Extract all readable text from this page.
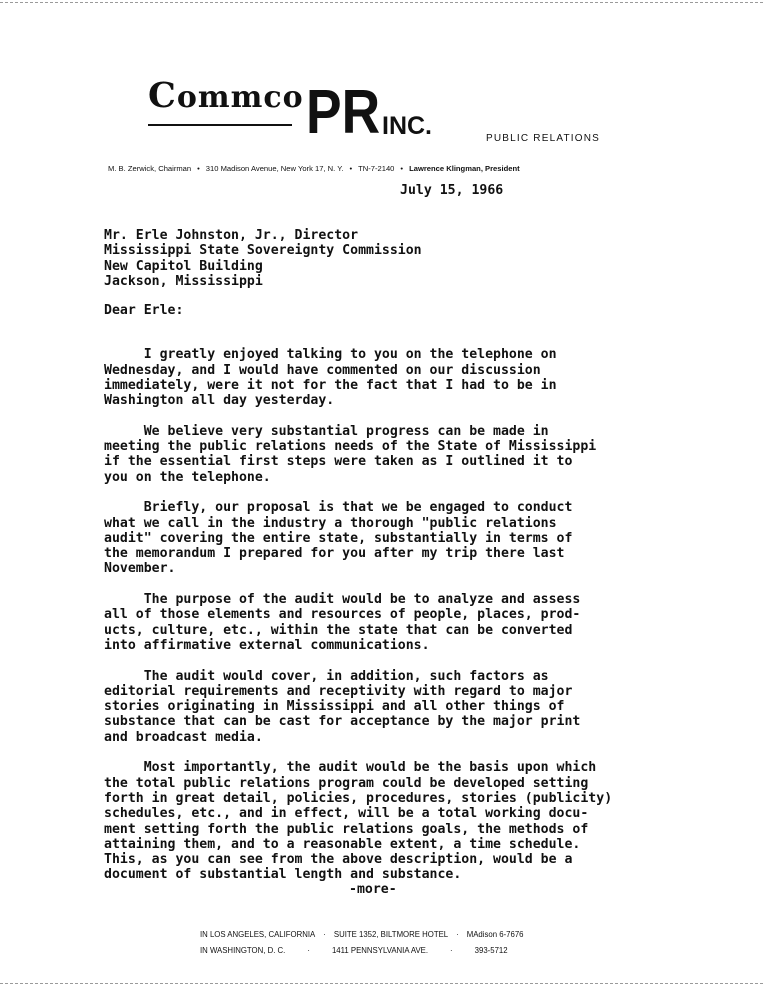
Commco PR INC.	PUBLIC RELATIONS
M. B. Zerwick, Chairman • 310 Madison Avenue, New York 17, N. Y. • TN-7-2140 • Lawrence Klingman, President
July 15, 1966
Mr. Erle Johnston, Jr., Director
Mississippi State Sovereignty Commission
New Capitol Building
Jackson, Mississippi
Dear Erle:

I greatly enjoyed talking to you on the telephone on
Wednesday, and I would have commented on our discussion
immediately, were it not for the fact that I had to be in
Washington all day yesterday.
We believe very substantial progress can be made in
meeting the public relations needs of the State of Mississippi
if the essential first steps were taken as I outlined it to
you on the telephone.
Briefly, our proposal is that we be engaged to conduct
what we call in the industry a thorough "public relations
audit" covering the entire state, substantially in terms of
the memorandum I prepared for you after my trip there last
November.
The purpose of the audit would be to analyze and assess
all of those elements and resources of people, places, prod-
ucts, culture, etc., within the state that can be converted
into affirmative external communications.
The audit would cover, in addition, such factors as
editorial requirements and receptivity with regard to major
stories originating in Mississippi and all other things of
substance that can be cast for acceptance by the major print
and broadcast media.
Most importantly, the audit would be the basis upon which
the total public relations program could be developed setting
forth in great detail, policies, procedures, stories (publicity)
schedules, etc., and in effect, will be a total working docu-
ment setting forth the public relations goals, the methods of
attaining them, and to a reasonable extent, a time schedule.
This, as you can see from the above description, would be a
document of substantial length and substance.

-more-
IN LOS ANGELES, CALIFORNIA · SUITE 1352, BILTMORE HOTEL · MAdison 6-7676
IN WASHINGTON, D. C.	·	1411 PENNSYLVANIA AVE.	·	393-5712
